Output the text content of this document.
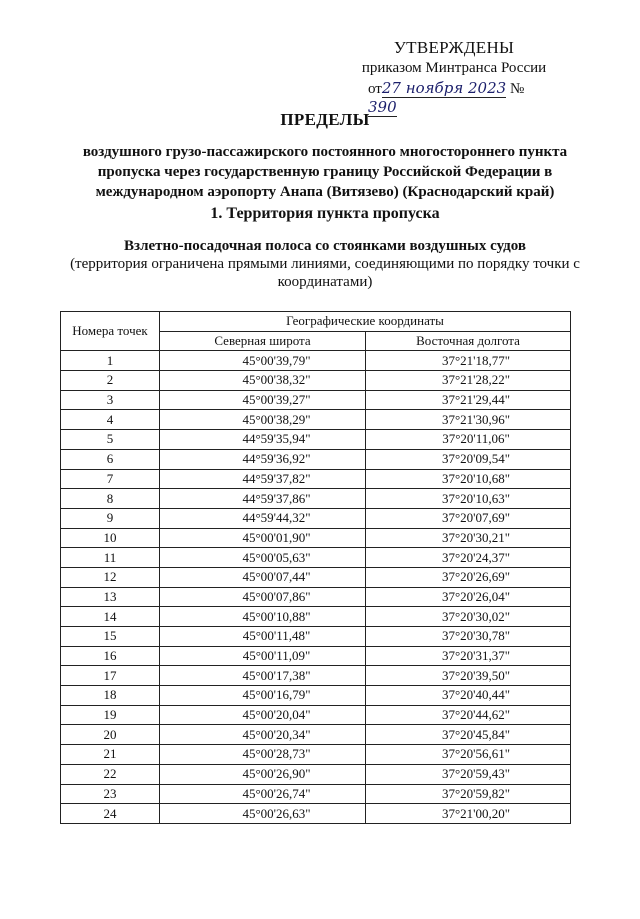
УТВЕРЖДЕНЫ
приказом Минтранса России
от27 ноября 2023 № 390
ПРЕДЕЛЫ
воздушного грузо-пассажирского постоянного многостороннего пункта
пропуска через государственную границу Российской Федерации в
международном аэропорту Анапа (Витязево) (Краснодарский край)
1. Территория пункта пропуска
Взлетно-посадочная полоса со стоянками воздушных судов
(территория ограничена прямыми линиями, соединяющими по порядку точки с
координатами)
Номера точек	Географические координаты	
	Северная широта	Восточная долгота
1	45°00'39,79"	37°21'18,77"
2	45°00'38,32"	37°21'28,22"
3	45°00'39,27"	37°21'29,44"
4	45°00'38,29"	37°21'30,96"
5	44°59'35,94"	37°20'11,06"
6	44°59'36,92"	37°20'09,54"
7	44°59'37,82"	37°20'10,68"
8	44°59'37,86"	37°20'10,63"
9	44°59'44,32"	37°20'07,69"
10	45°00'01,90"	37°20'30,21"
11	45°00'05,63"	37°20'24,37"
12	45°00'07,44"	37°20'26,69"
13	45°00'07,86"	37°20'26,04"
14	45°00'10,88"	37°20'30,02"
15	45°00'11,48"	37°20'30,78"
16	45°00'11,09"	37°20'31,37"
17	45°00'17,38"	37°20'39,50"
18	45°00'16,79"	37°20'40,44"
19	45°00'20,04"	37°20'44,62"
20	45°00'20,34"	37°20'45,84"
21	45°00'28,73"	37°20'56,61"
22	45°00'26,90"	37°20'59,43"
23	45°00'26,74"	37°20'59,82"
24	45°00'26,63"	37°21'00,20"
